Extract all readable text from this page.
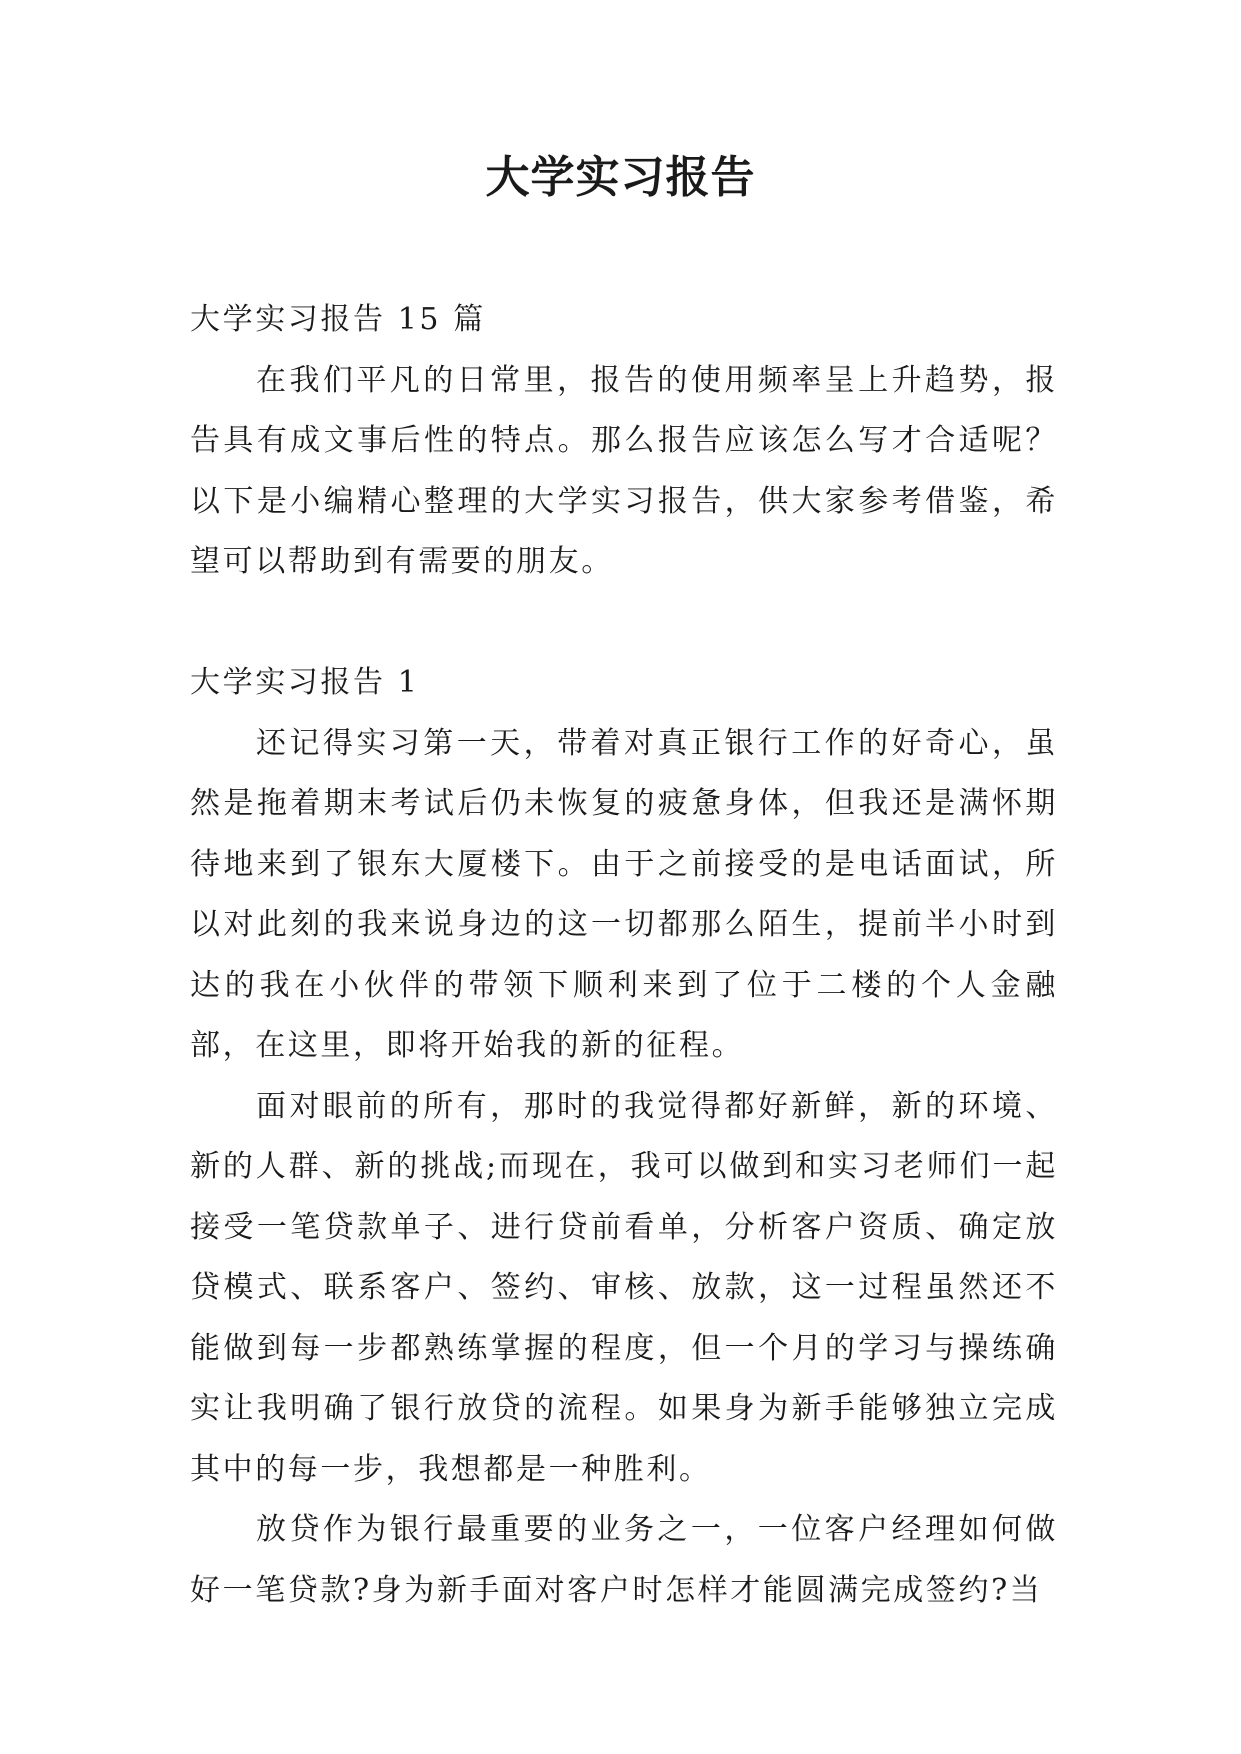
大学实习报告

大学实习报告 15 篇

在我们平凡的日常里，报告的使用频率呈上升趋势，报告具有成文事后性的特点。那么报告应该怎么写才合适呢？以下是小编精心整理的大学实习报告，供大家参考借鉴，希望可以帮助到有需要的朋友。

大学实习报告 1

还记得实习第一天，带着对真正银行工作的好奇心，虽然是拖着期末考试后仍未恢复的疲惫身体，但我还是满怀期待地来到了银东大厦楼下。由于之前接受的是电话面试，所以对此刻的我来说身边的这一切都那么陌生，提前半小时到达的我在小伙伴的带领下顺利来到了位于二楼的个人金融部，在这里，即将开始我的新的征程。

面对眼前的所有，那时的我觉得都好新鲜，新的环境、新的人群、新的挑战;而现在，我可以做到和实习老师们一起接受一笔贷款单子、进行贷前看单，分析客户资质、确定放贷模式、联系客户、签约、审核、放款，这一过程虽然还不能做到每一步都熟练掌握的程度，但一个月的学习与操练确实让我明确了银行放贷的流程。如果身为新手能够独立完成其中的每一步，我想都是一种胜利。

放贷作为银行最重要的业务之一，一位客户经理如何做好一笔贷款?身为新手面对客户时怎样才能圆满完成签约?当
